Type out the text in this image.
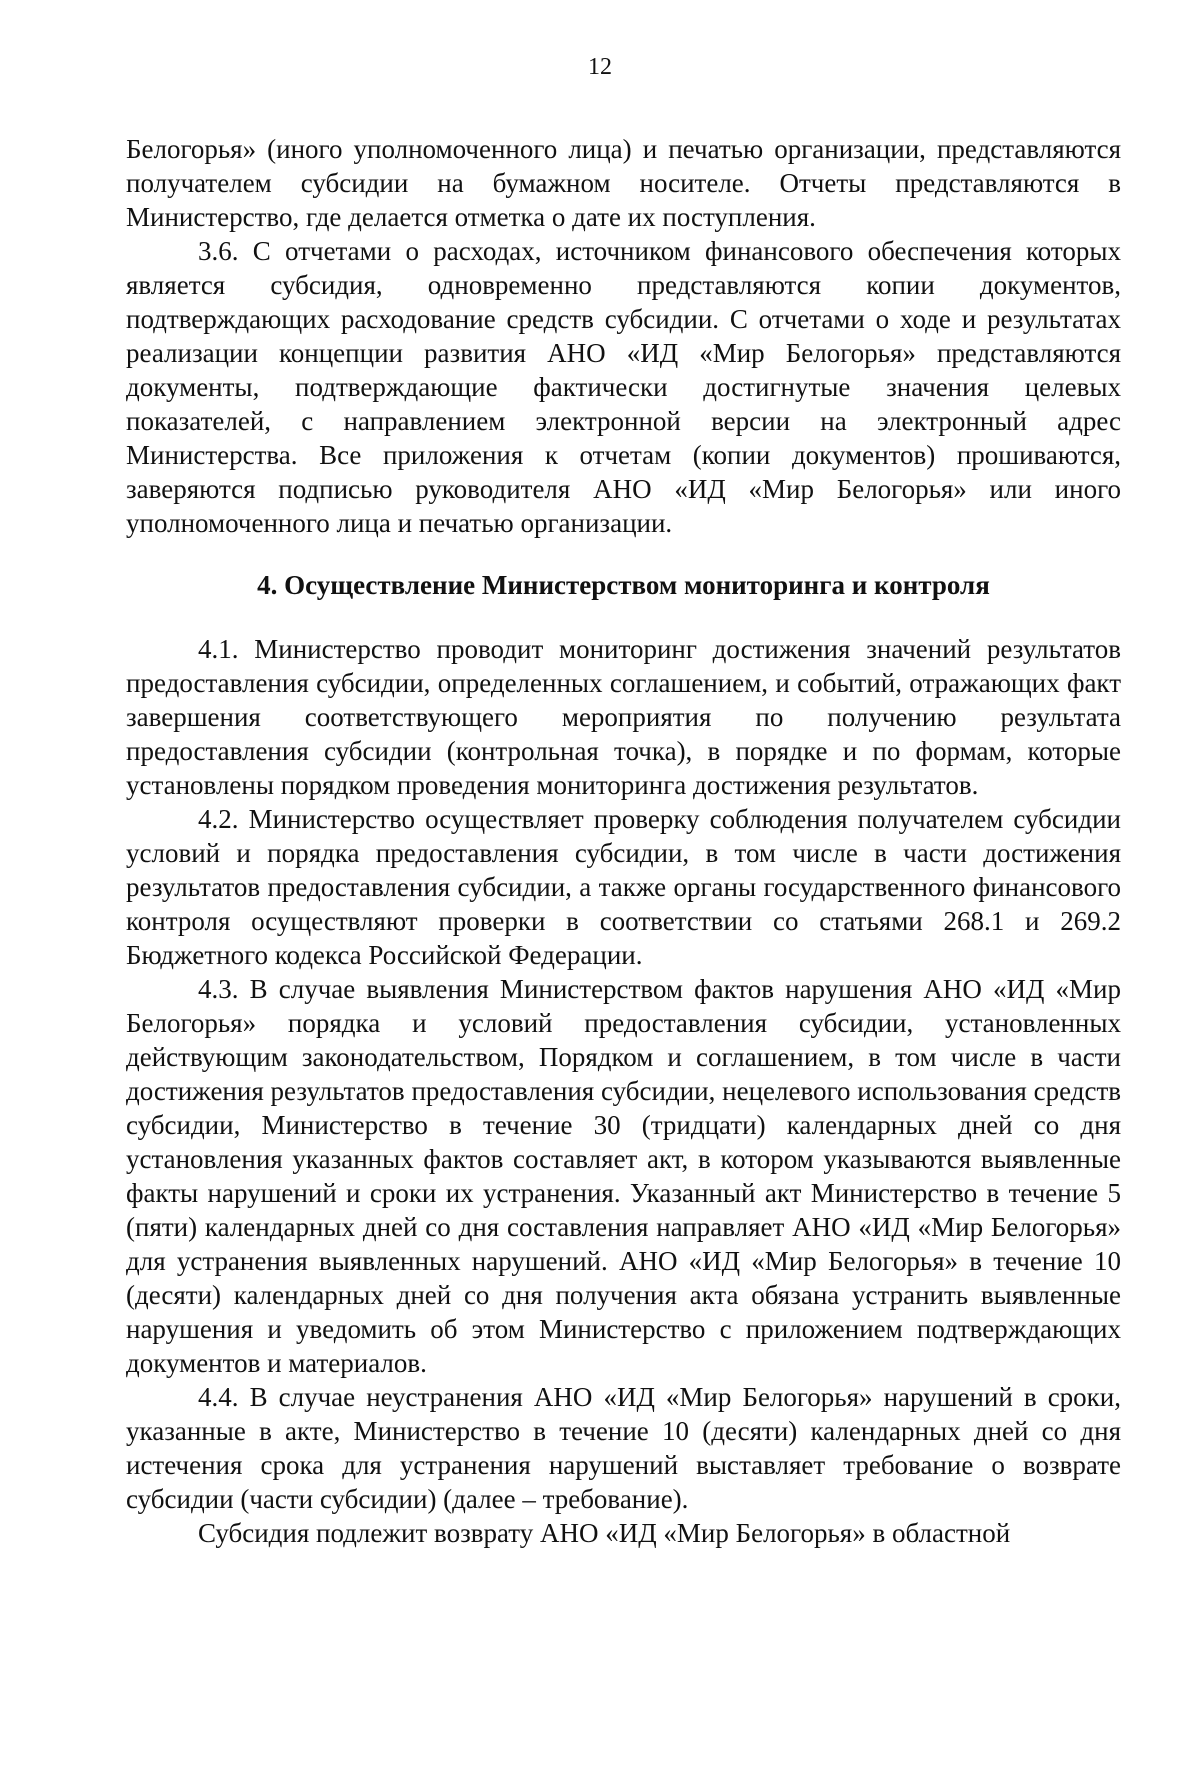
12

Белогорья» (иного уполномоченного лица) и печатью организации, представляются получателем субсидии на бумажном носителе. Отчеты представляются в Министерство, где делается отметка о дате их поступления.

3.6. С отчетами о расходах, источником финансового обеспечения которых является субсидия, одновременно представляются копии документов, подтверждающих расходование средств субсидии. С отчетами о ходе и результатах реализации концепции развития АНО «ИД «Мир Белогорья» представляются документы, подтверждающие фактически достигнутые значения целевых показателей, с направлением электронной версии на электронный адрес Министерства. Все приложения к отчетам (копии документов) прошиваются, заверяются подписью руководителя АНО «ИД «Мир Белогорья» или иного уполномоченного лица и печатью организации.

4. Осуществление Министерством мониторинга и контроля

4.1. Министерство проводит мониторинг достижения значений результатов предоставления субсидии, определенных соглашением, и событий, отражающих факт завершения соответствующего мероприятия по получению результата предоставления субсидии (контрольная точка), в порядке и по формам, которые установлены порядком проведения мониторинга достижения результатов.

4.2. Министерство осуществляет проверку соблюдения получателем субсидии условий и порядка предоставления субсидии, в том числе в части достижения результатов предоставления субсидии, а также органы государственного финансового контроля осуществляют проверки в соответствии со статьями 268.1 и 269.2 Бюджетного кодекса Российской Федерации.

4.3. В случае выявления Министерством фактов нарушения АНО «ИД «Мир Белогорья» порядка и условий предоставления субсидии, установленных действующим законодательством, Порядком и соглашением, в том числе в части достижения результатов предоставления субсидии, нецелевого использования средств субсидии, Министерство в течение 30 (тридцати) календарных дней со дня установления указанных фактов составляет акт, в котором указываются выявленные факты нарушений и сроки их устранения. Указанный акт Министерство в течение 5 (пяти) календарных дней со дня составления направляет АНО «ИД «Мир Белогорья» для устранения выявленных нарушений. АНО «ИД «Мир Белогорья» в течение 10 (десяти) календарных дней со дня получения акта обязана устранить выявленные нарушения и уведомить об этом Министерство с приложением подтверждающих документов и материалов.

4.4. В случае неустранения АНО «ИД «Мир Белогорья» нарушений в сроки, указанные в акте, Министерство в течение 10 (десяти) календарных дней со дня истечения срока для устранения нарушений выставляет требование о возврате субсидии (части субсидии) (далее – требование).

Субсидия подлежит возврату АНО «ИД «Мир Белогорья» в областной
